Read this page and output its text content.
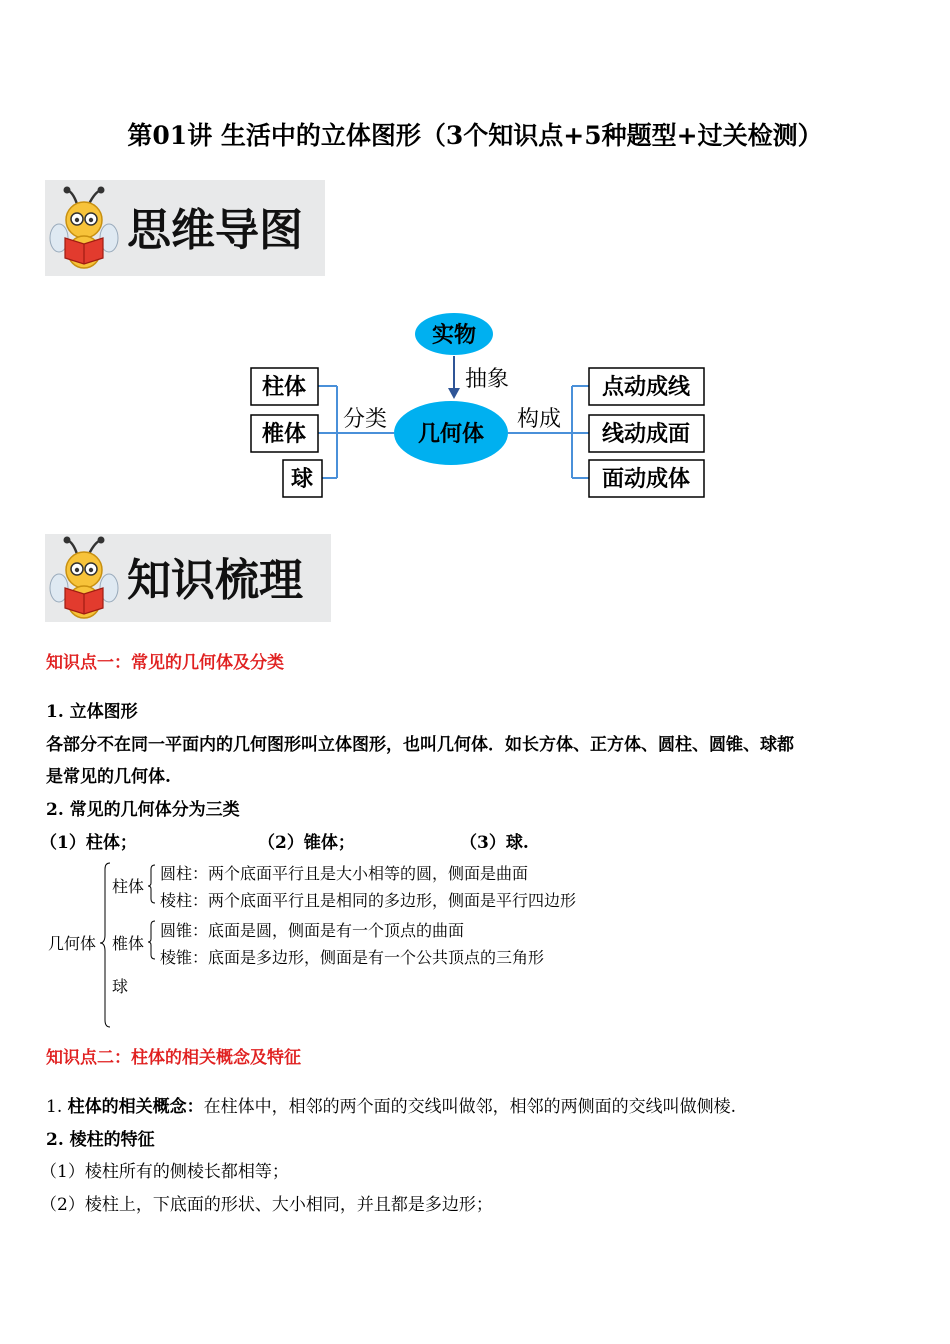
第01讲 生活中的立体图形（3个知识点+5种题型+过关检测）
思维导图
实物
抽象
几何体
分类	构成
柱体
椎体
球
点动成线
线动成面
面动成体
知识梳理
知识点一：常见的几何体及分类
1. 立体图形
各部分不在同一平面内的几何图形叫立体图形，也叫几何体．如长方体、正方体、圆柱、圆锥、球都
是常见的几何体.
2. 常见的几何体分为三类
（1）柱体；	（2）锥体；	（3）球.
几何体
柱体
椎体
球
圆柱：两个底面平行且是大小相等的圆，侧面是曲面
棱柱：两个底面平行且是相同的多边形，侧面是平行四边形
圆锥：底面是圆，侧面是有一个顶点的曲面
棱锥：底面是多边形，侧面是有一个公共顶点的三角形
知识点二：柱体的相关概念及特征
1. 柱体的相关概念：在柱体中，相邻的两个面的交线叫做邻，相邻的两侧面的交线叫做侧棱.
2. 棱柱的特征
（1）棱柱所有的侧棱长都相等；
（2）棱柱上，下底面的形状、大小相同，并且都是多边形；
